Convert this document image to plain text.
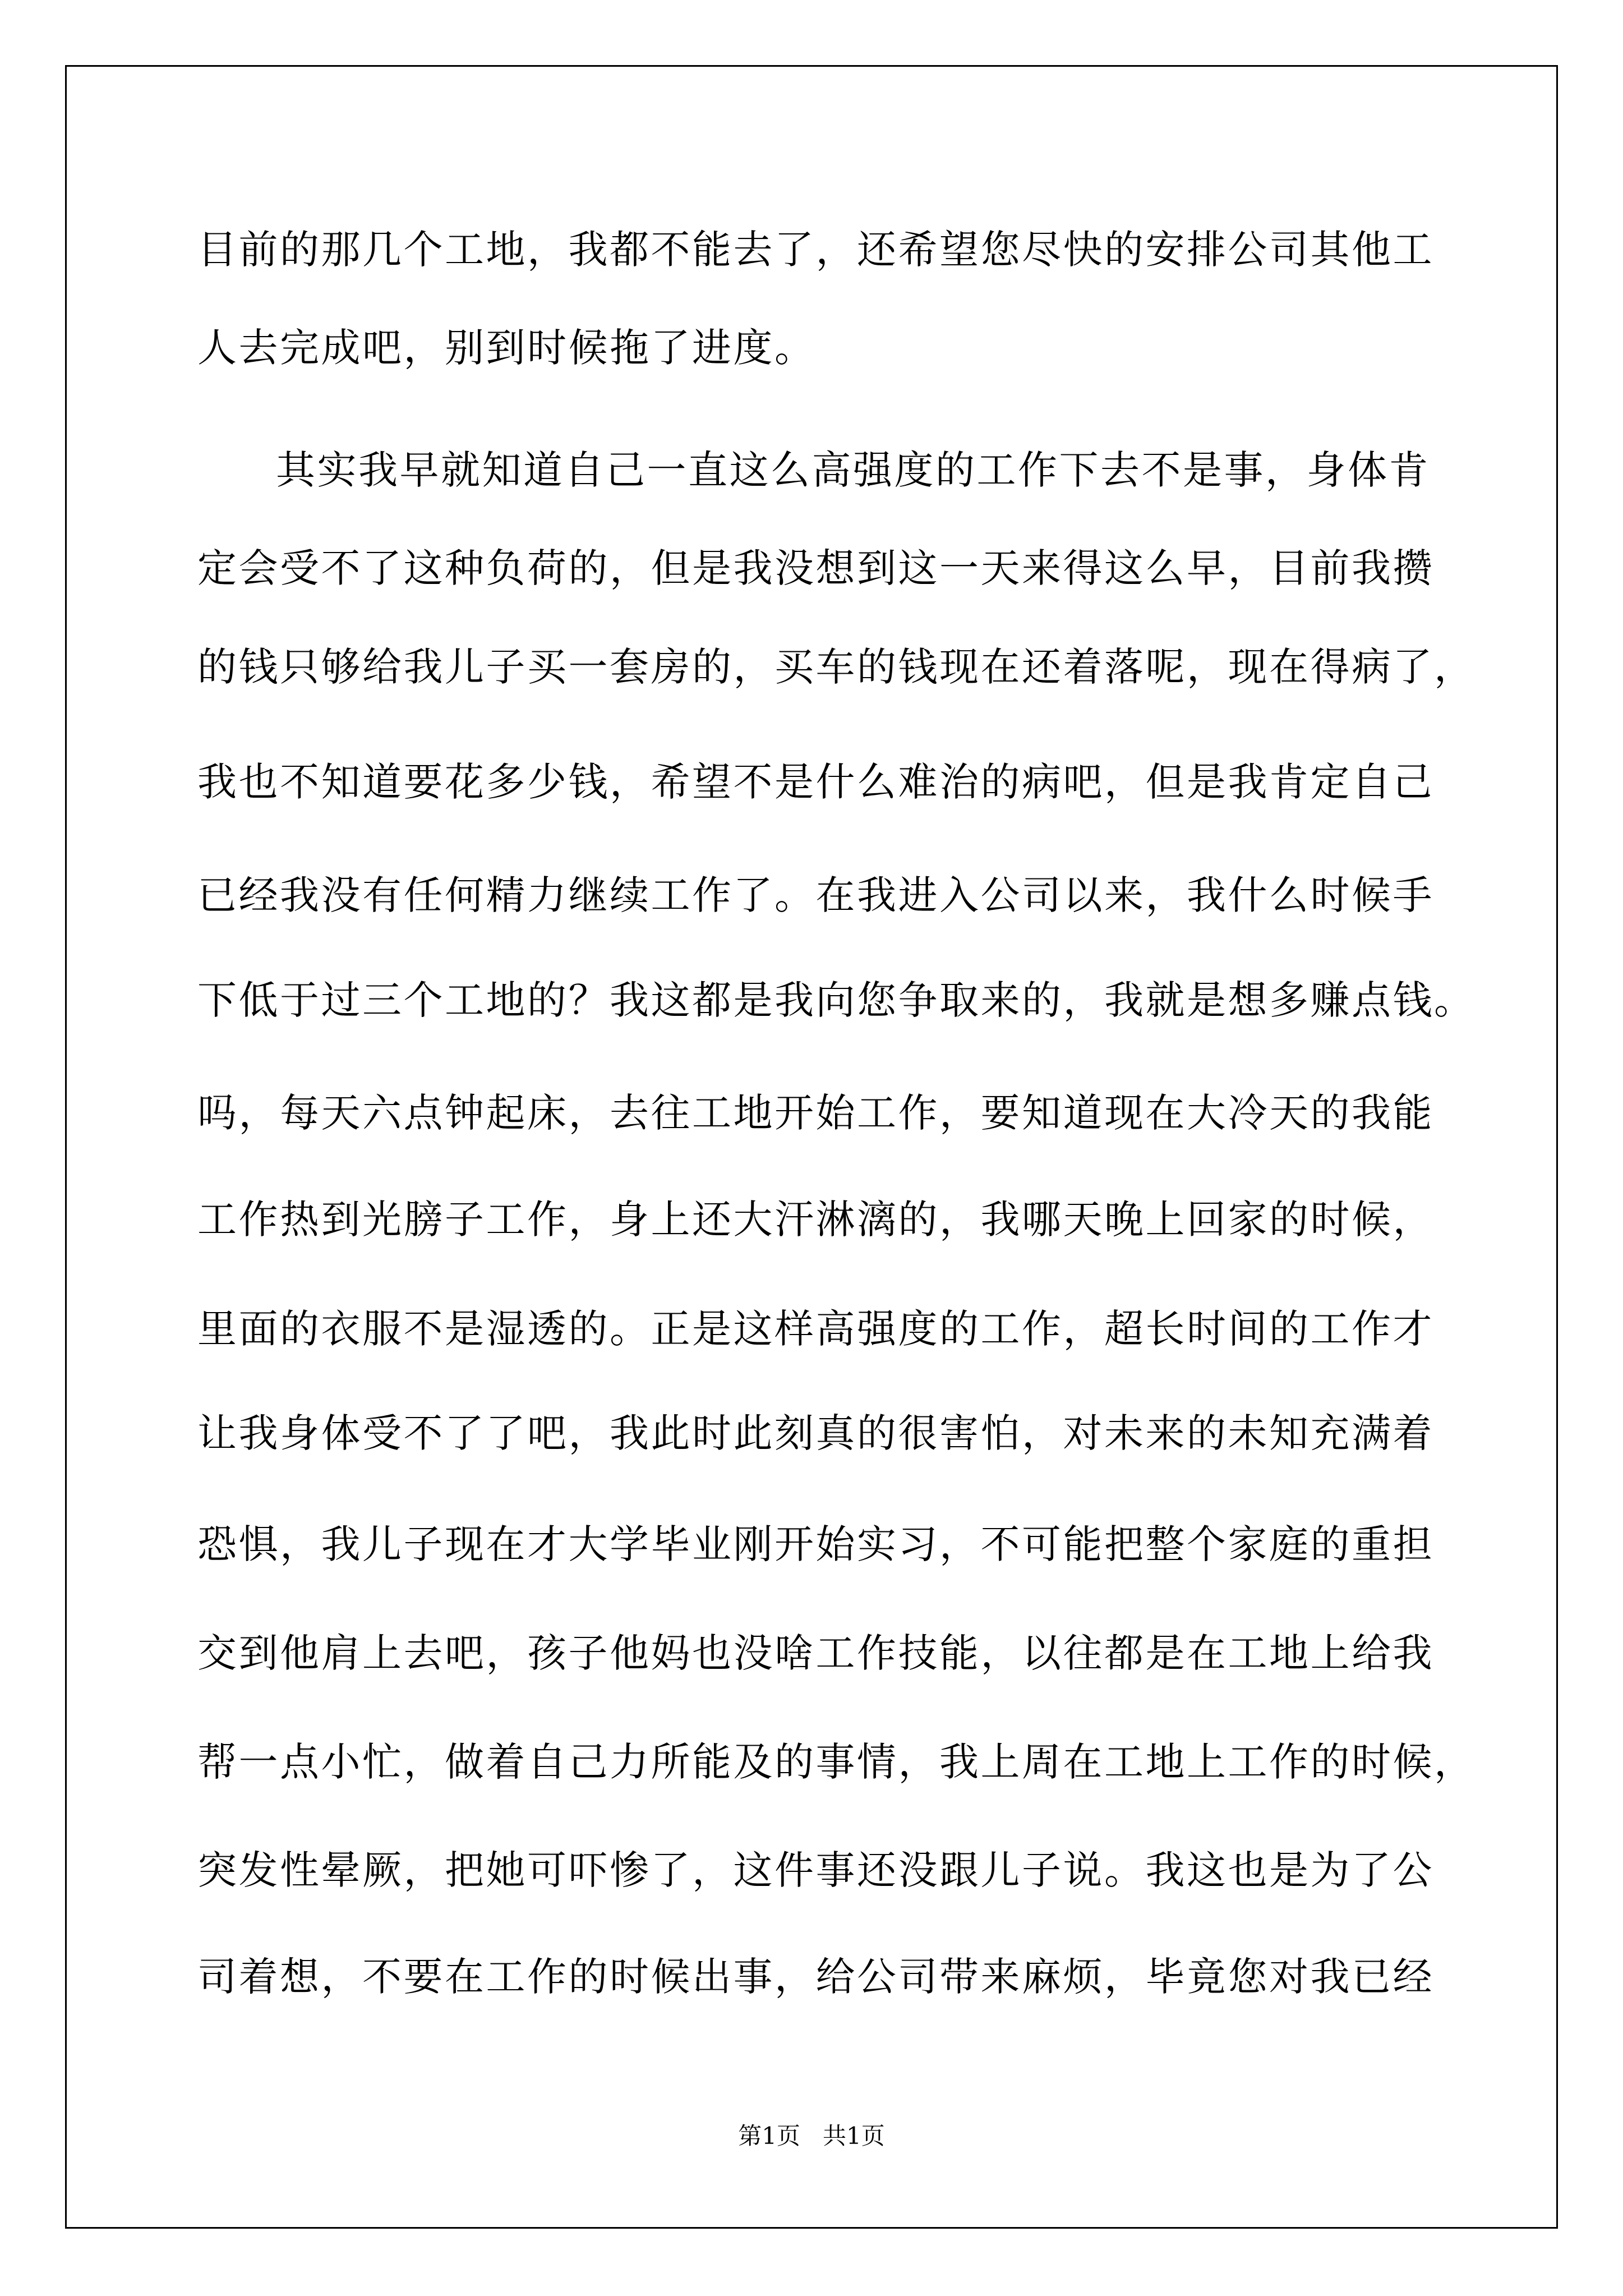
目前的那几个工地，我都不能去了，还希望您尽快的安排公司其他工

人去完成吧，别到时候拖了进度。

其实我早就知道自己一直这么高强度的工作下去不是事，身体肯

定会受不了这种负荷的，但是我没想到这一天来得这么早，目前我攒

的钱只够给我儿子买一套房的，买车的钱现在还着落呢，现在得病了，

我也不知道要花多少钱，希望不是什么难治的病吧，但是我肯定自己

已经我没有任何精力继续工作了。在我进入公司以来，我什么时候手

下低于过三个工地的？我这都是我向您争取来的，我就是想多赚点钱。

吗，每天六点钟起床，去往工地开始工作，要知道现在大冷天的我能

工作热到光膀子工作，身上还大汗淋漓的，我哪天晚上回家的时候，

里面的衣服不是湿透的。正是这样高强度的工作，超长时间的工作才

让我身体受不了了吧，我此时此刻真的很害怕，对未来的未知充满着

恐惧，我儿子现在才大学毕业刚开始实习，不可能把整个家庭的重担

交到他肩上去吧，孩子他妈也没啥工作技能，以往都是在工地上给我

帮一点小忙，做着自己力所能及的事情，我上周在工地上工作的时候，

突发性晕厥，把她可吓惨了，这件事还没跟儿子说。我这也是为了公

司着想，不要在工作的时候出事，给公司带来麻烦，毕竟您对我已经

第1页   共1页
